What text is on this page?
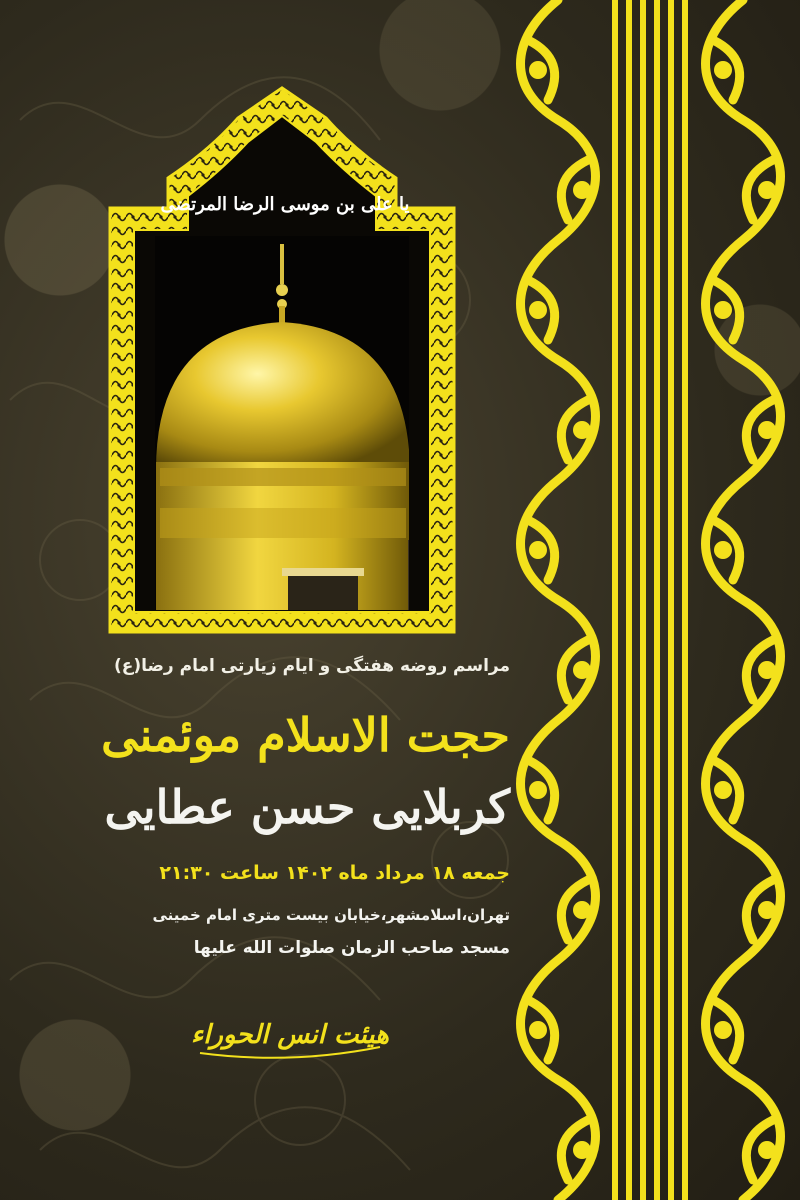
یا علی بن موسی الرضا المرتضی
مراسم روضه هفتگی و ایام زیارتی امام رضا(ع)
حجت الاسلام موئمنی
کربلایی حسن عطایی
جمعه ۱۸ مرداد ماه ۱۴۰۲ ساعت ۲۱:۳۰
تهران،اسلامشهر،خیابان بیست متری امام خمینی
مسجد صاحب الزمان صلوات الله علیها
هیئت انس الحوراء
